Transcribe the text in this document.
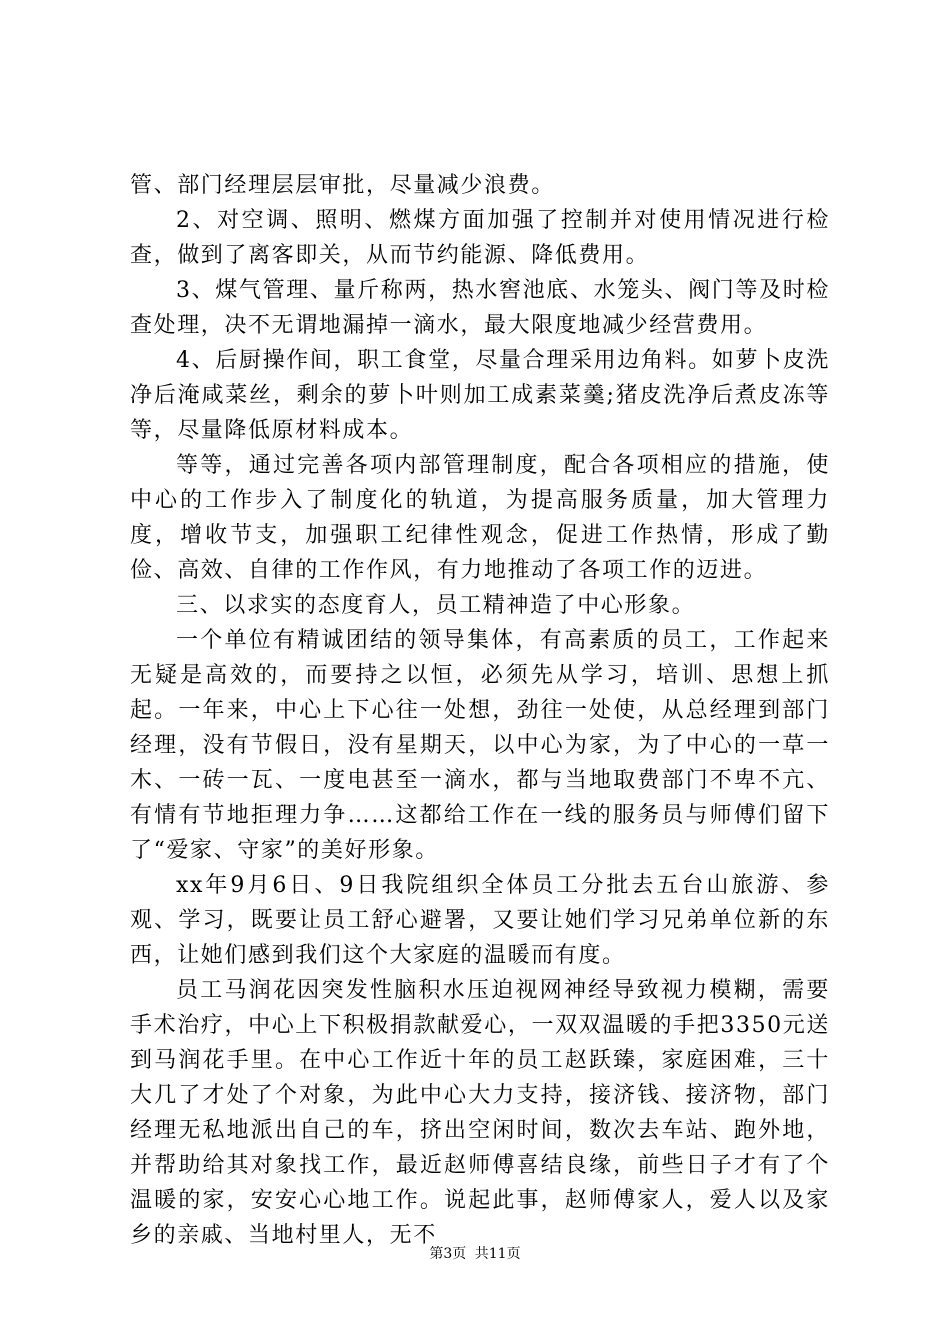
管、部门经理层层审批，尽量减少浪费。

2、对空调、照明、燃煤方面加强了控制并对使用情况进行检查，做到了离客即关，从而节约能源、降低费用。

3、煤气管理、量斤称两，热水窖池底、水笼头、阀门等及时检查处理，决不无谓地漏掉一滴水，最大限度地减少经营费用。

4、后厨操作间，职工食堂，尽量合理采用边角料。如萝卜皮洗净后淹咸菜丝，剩余的萝卜叶则加工成素菜羹;猪皮洗净后煮皮冻等等，尽量降低原材料成本。

等等，通过完善各项内部管理制度，配合各项相应的措施，使中心的工作步入了制度化的轨道，为提高服务质量，加大管理力度，增收节支，加强职工纪律性观念，促进工作热情，形成了勤俭、高效、自律的工作作风，有力地推动了各项工作的迈进。

三、以求实的态度育人，员工精神造了中心形象。

一个单位有精诚团结的领导集体，有高素质的员工，工作起来无疑是高效的，而要持之以恒，必须先从学习，培训、思想上抓起。一年来，中心上下心往一处想，劲往一处使，从总经理到部门经理，没有节假日，没有星期天，以中心为家，为了中心的一草一木、一砖一瓦、一度电甚至一滴水，都与当地取费部门不卑不亢、有情有节地拒理力争……这都给工作在一线的服务员与师傅们留下了“爱家、守家”的美好形象。

xx年9月6日、9日我院组织全体员工分批去五台山旅游、参观、学习，既要让员工舒心避署，又要让她们学习兄弟单位新的东西，让她们感到我们这个大家庭的温暖而有度。

员工马润花因突发性脑积水压迫视网神经导致视力模糊，需要手术治疗，中心上下积极捐款献爱心，一双双温暖的手把3350元送到马润花手里。在中心工作近十年的员工赵跃臻，家庭困难，三十大几了才处了个对象，为此中心大力支持，接济钱、接济物，部门经理无私地派出自己的车，挤出空闲时间，数次去车站、跑外地，并帮助给其对象找工作，最近赵师傅喜结良缘，前些日子才有了个温暖的家，安安心心地工作。说起此事，赵师傅家人，爱人以及家乡的亲戚、当地村里人，无不

第3页 共11页
